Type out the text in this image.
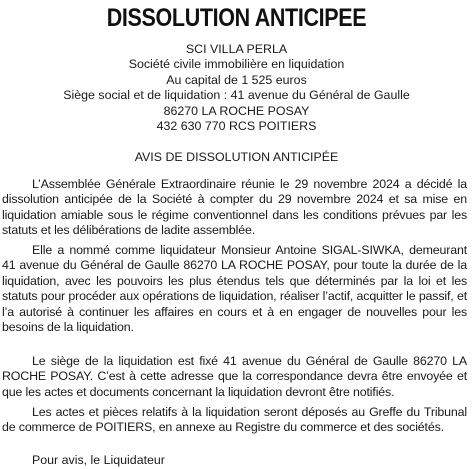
DISSOLUTION ANTICIPEE
SCI VILLA PERLA
Société civile immobilière en liquidation
Au capital de 1 525 euros
Siège social et de liquidation : 41 avenue du Général de Gaulle
86270 LA ROCHE POSAY
432 630 770 RCS POITIERS
AVIS DE DISSOLUTION ANTICIPÉE

L’Assemblée Générale Extraordinaire réunie le 29 novembre 2024 a décidé la dissolution anticipée de la Société à compter du 29 novembre 2024 et sa mise en liquidation amiable sous le régime conventionnel dans les conditions prévues par les statuts et les délibérations de ladite assemblée.

Elle a nommé comme liquidateur Monsieur Antoine SIGAL-SIWKA, demeurant 41 avenue du Général de Gaulle 86270 LA ROCHE POSAY, pour toute la durée de la liquidation, avec les pouvoirs les plus étendus tels que déterminés par la loi et les statuts pour procéder aux opérations de liquidation, réaliser l’actif, acquitter le passif, et l’a autorisé à continuer les affaires en cours et à en engager de nouvelles pour les besoins de la liquidation.

Le siège de la liquidation est fixé 41 avenue du Général de Gaulle 86270 LA ROCHE POSAY. C’est à cette adresse que la correspondance devra être envoyée et que les actes et documents concernant la liquidation devront être notifiés.

Les actes et pièces relatifs à la liquidation seront déposés au Greffe du Tribunal de commerce de POITIERS, en annexe au Registre du commerce et des sociétés.

Pour avis, le Liquidateur
